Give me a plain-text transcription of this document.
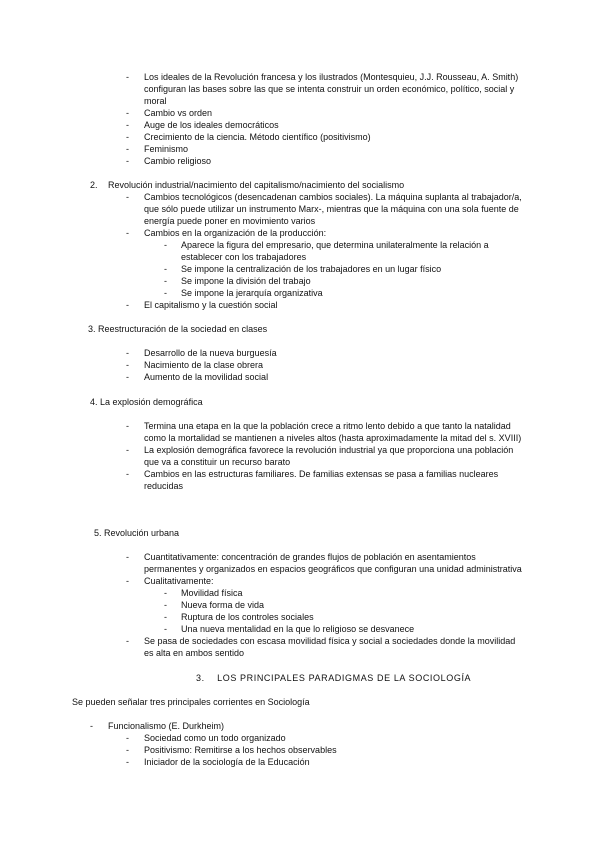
- Los ideales de la Revolución francesa y los ilustrados (Montesquieu, J.J. Rousseau, A. Smith)
configuran las bases sobre las que se intenta construir un orden económico, político, social y
moral
- Cambio vs orden
- Auge de los ideales democráticos
- Crecimiento de la ciencia. Método científico (positivismo)
- Feminismo
- Cambio religioso
2. Revolución industrial/nacimiento del capitalismo/nacimiento del socialismo
- Cambios tecnológicos (desencadenan cambios sociales). La máquina suplanta al trabajador/a,
que sólo puede utilizar un instrumento Marx-, mientras que la máquina con una sola fuente de
energía puede poner en movimiento varios
- Cambios en la organización de la producción:
- Aparece la figura del empresario, que determina unilateralmente la relación a
establecer con los trabajadores
- Se impone la centralización de los trabajadores en un lugar físico
- Se impone la división del trabajo
- Se impone la jerarquía organizativa
- El capitalismo y la cuestión social
3. Reestructuración de la sociedad en clases
- Desarrollo de la nueva burguesía
- Nacimiento de la clase obrera
- Aumento de la movilidad social
4. La explosión demográfica
- Termina una etapa en la que la población crece a ritmo lento debido a que tanto la natalidad
como la mortalidad se mantienen a niveles altos (hasta aproximadamente la mitad del s. XVIII)
- La explosión demográfica favorece la revolución industrial ya que proporciona una población
que va a constituir un recurso barato
- Cambios en las estructuras familiares. De familias extensas se pasa a familias nucleares
reducidas
5. Revolución urbana
- Cuantitativamente: concentración de grandes flujos de población en asentamientos
permanentes y organizados en espacios geográficos que configuran una unidad administrativa
- Cualitativamente:
- Movilidad física
- Nueva forma de vida
- Ruptura de los controles sociales
- Una nueva mentalidad en la que lo religioso se desvanece
- Se pasa de sociedades con escasa movilidad física y social a sociedades donde la movilidad
es alta en ambos sentido
3.    LOS PRINCIPALES PARADIGMAS DE LA SOCIOLOGÍA
Se pueden señalar tres principales corrientes en Sociología
- Funcionalismo (E. Durkheim)
- Sociedad como un todo organizado
- Positivismo: Remitirse a los hechos observables
- Iniciador de la sociología de la Educación
